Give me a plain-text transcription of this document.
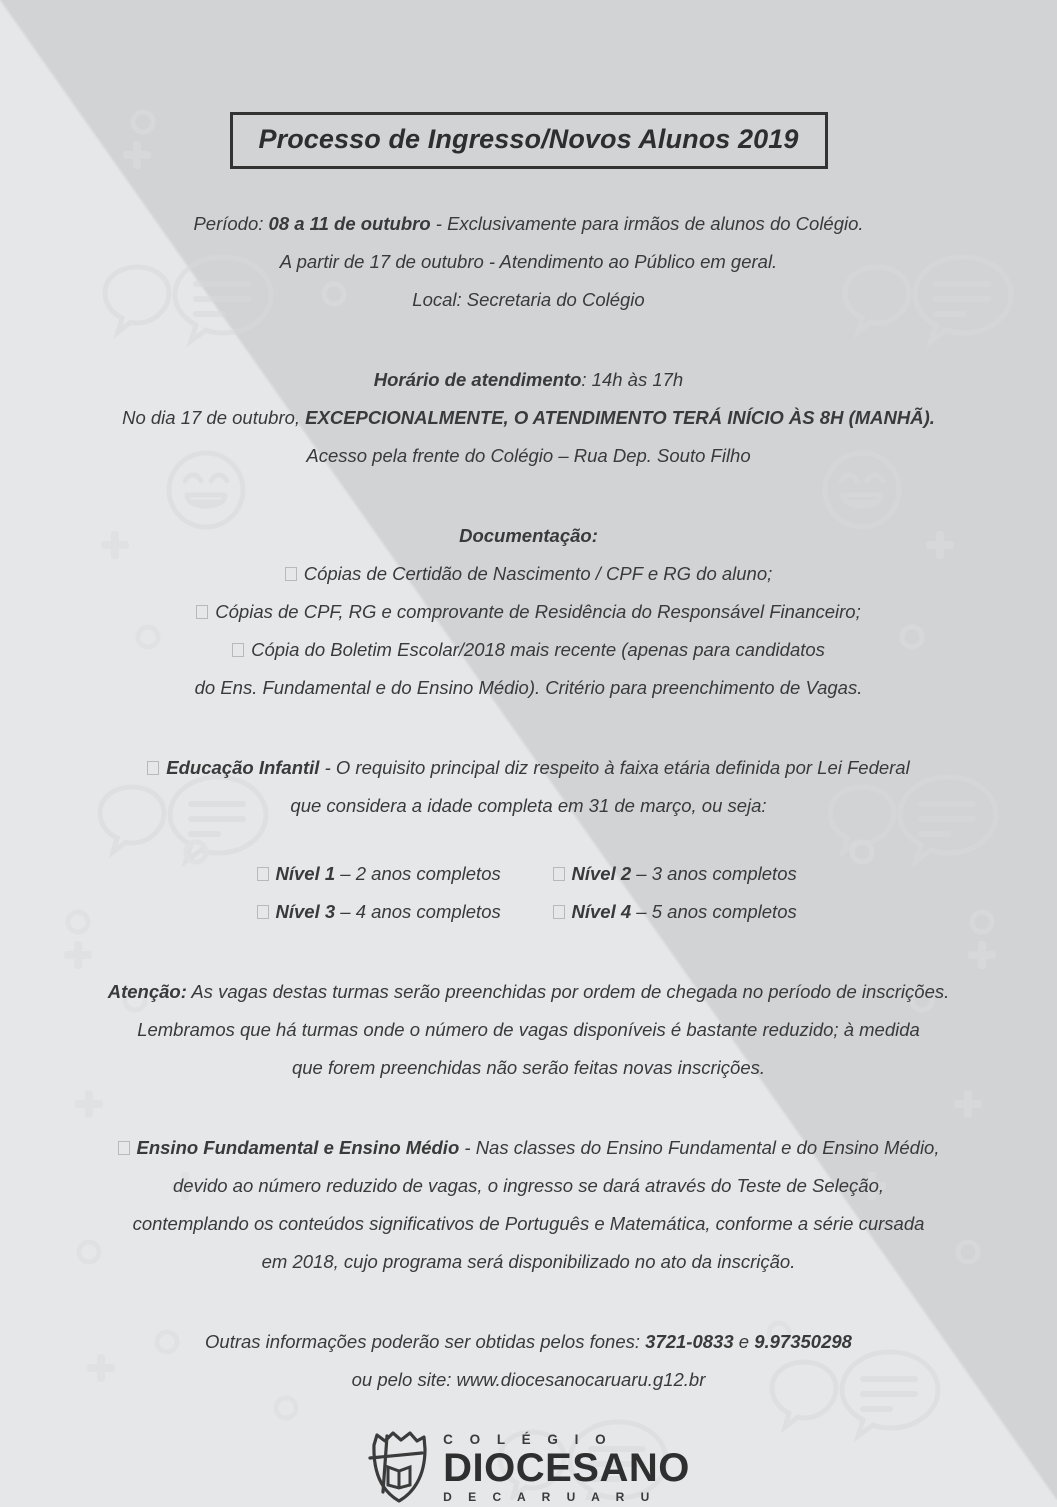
Processo de Ingresso/Novos Alunos 2019
Período: 08 a 11 de outubro - Exclusivamente para irmãos de alunos do Colégio.
A partir de 17 de outubro - Atendimento ao Público em geral.
Local: Secretaria do Colégio
Horário de atendimento: 14h às 17h
No dia 17 de outubro, EXCEPCIONALMENTE, O ATENDIMENTO TERÁ INÍCIO ÀS 8H (MANHÃ).
Acesso pela frente do Colégio – Rua Dep. Souto Filho
Documentação:
Cópias de Certidão de Nascimento / CPF e RG do aluno;
Cópias de CPF, RG e comprovante de Residência do Responsável Financeiro;
Cópia do Boletim Escolar/2018 mais recente (apenas para candidatos
do Ens. Fundamental e do Ensino Médio). Critério para preenchimento de Vagas.
Educação Infantil - O requisito principal diz respeito à faixa etária definida por Lei Federal
que considera a idade completa em 31 de março, ou seja:
Nível 1 – 2 anos completos	Nível 2 – 3 anos completos
Nível 3 – 4 anos completos	Nível 4 – 5 anos completos
Atenção: As vagas destas turmas serão preenchidas por ordem de chegada no período de inscrições.
Lembramos que há turmas onde o número de vagas disponíveis é bastante reduzido; à medida
que forem preenchidas não serão feitas novas inscrições.
Ensino Fundamental e Ensino Médio - Nas classes do Ensino Fundamental e do Ensino Médio,
devido ao número reduzido de vagas, o ingresso se dará através do Teste de Seleção,
contemplando os conteúdos significativos de Português e Matemática, conforme a série cursada
em 2018, cujo programa será disponibilizado no ato da inscrição.
Outras informações poderão ser obtidas pelos fones: 3721-0833 e 9.97350298
ou pelo site: www.diocesanocaruaru.g12.br
C O L É G I O
DIOCESANO
D E C A R U A R U
